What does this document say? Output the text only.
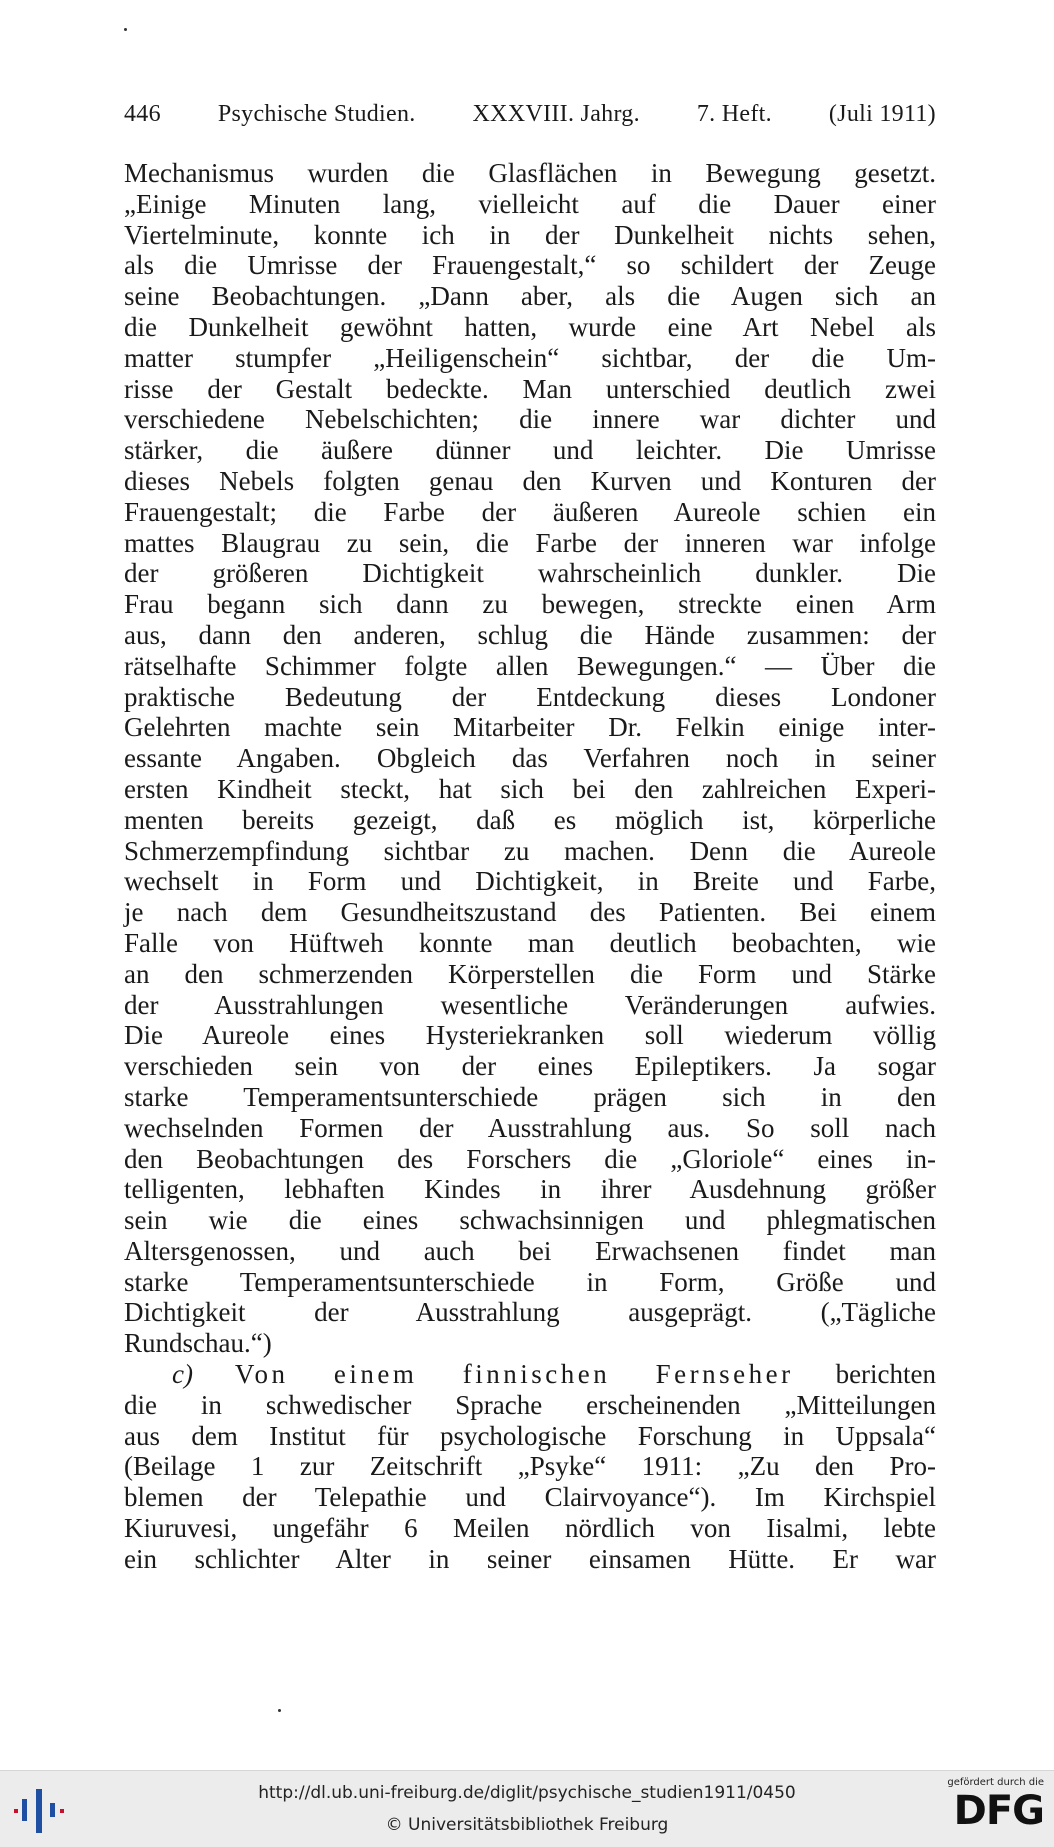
446 Psychische Studien. XXXVIII. Jahrg. 7. Heft. (Juli 1911)
Mechanismus wurden die Glasflächen in Bewegung gesetzt.
„Einige Minuten lang, vielleicht auf die Dauer einer
Viertelminute, konnte ich in der Dunkelheit nichts sehen,
als die Umrisse der Frauengestalt,“ so schildert der Zeuge
seine Beobachtungen. „Dann aber, als die Augen sich an
die Dunkelheit gewöhnt hatten, wurde eine Art Nebel als
matter stumpfer „Heiligenschein“ sichtbar, der die Um-
risse der Gestalt bedeckte. Man unterschied deutlich zwei
verschiedene Nebelschichten; die innere war dichter und
stärker, die äußere dünner und leichter. Die Umrisse
dieses Nebels folgten genau den Kurven und Konturen der
Frauengestalt; die Farbe der äußeren Aureole schien ein
mattes Blaugrau zu sein, die Farbe der inneren war infolge
der größeren Dichtigkeit wahrscheinlich dunkler. Die
Frau begann sich dann zu bewegen, streckte einen Arm
aus, dann den anderen, schlug die Hände zusammen: der
rätselhafte Schimmer folgte allen Bewegungen.“ — Über die
praktische Bedeutung der Entdeckung dieses Londoner
Gelehrten machte sein Mitarbeiter Dr. Felkin einige inter-
essante Angaben. Obgleich das Verfahren noch in seiner
ersten Kindheit steckt, hat sich bei den zahlreichen Experi-
menten bereits gezeigt, daß es möglich ist, körperliche
Schmerzempfindung sichtbar zu machen. Denn die Aureole
wechselt in Form und Dichtigkeit, in Breite und Farbe,
je nach dem Gesundheitszustand des Patienten. Bei einem
Falle von Hüftweh konnte man deutlich beobachten, wie
an den schmerzenden Körperstellen die Form und Stärke
der Ausstrahlungen wesentliche Veränderungen aufwies.
Die Aureole eines Hysteriekranken soll wiederum völlig
verschieden sein von der eines Epileptikers. Ja sogar
starke Temperamentsunterschiede prägen sich in den
wechselnden Formen der Ausstrahlung aus. So soll nach
den Beobachtungen des Forschers die „Gloriole“ eines in-
telligenten, lebhaften Kindes in ihrer Ausdehnung größer
sein wie die eines schwachsinnigen und phlegmatischen
Altersgenossen, und auch bei Erwachsenen findet man
starke Temperamentsunterschiede in Form, Größe und
Dichtigkeit der Ausstrahlung ausgeprägt. („Tägliche
Rundschau.“)
c) Von einem finnischen Fernseher berichten
die in schwedischer Sprache erscheinenden „Mitteilungen
aus dem Institut für psychologische Forschung in Uppsala“
(Beilage 1 zur Zeitschrift „Psyke“ 1911: „Zu den Pro-
blemen der Telepathie und Clairvoyance“). Im Kirchspiel
Kiuruvesi, ungefähr 6 Meilen nördlich von Iisalmi, lebte
ein schlichter Alter in seiner einsamen Hütte. Er war
http://dl.ub.uni-freiburg.de/diglit/psychische_studien1911/0450
© Universitätsbibliothek Freiburg
gefördert durch die
DFG
